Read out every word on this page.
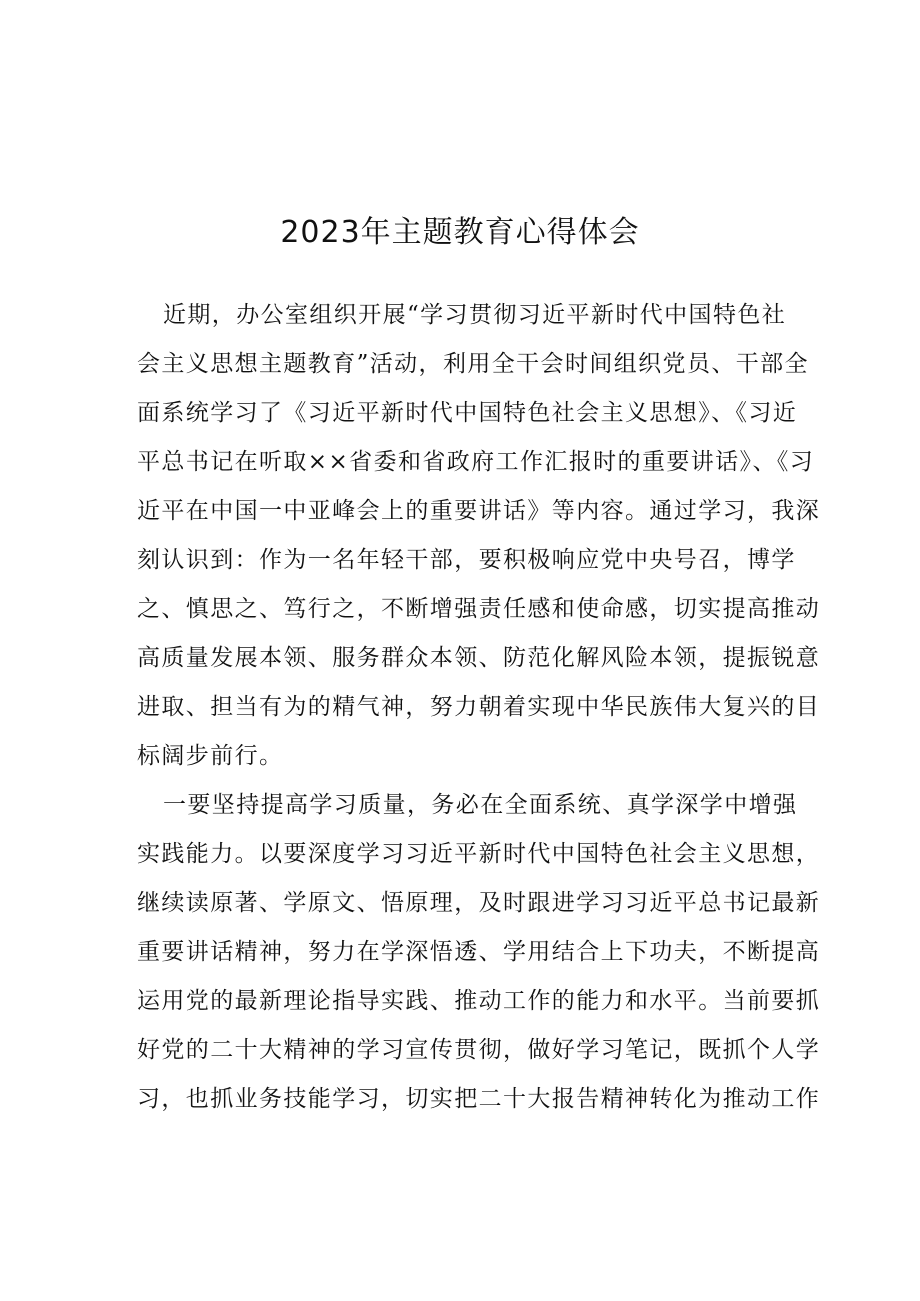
2023年主题教育心得体会
近期，办公室组织开展“学习贯彻习近平新时代中国特色社
会主义思想主题教育”活动，利用全干会时间组织党员、干部全
面系统学习了《习近平新时代中国特色社会主义思想》、《习近
平总书记在听取××省委和省政府工作汇报时的重要讲话》、《习
近平在中国一中亚峰会上的重要讲话》等内容。通过学习，我深
刻认识到：作为一名年轻干部，要积极响应党中央号召，博学
之、慎思之、笃行之，不断增强责任感和使命感，切实提高推动
高质量发展本领、服务群众本领、防范化解风险本领，提振锐意
进取、担当有为的精气神，努力朝着实现中华民族伟大复兴的目
标阔步前行。
一要坚持提高学习质量，务必在全面系统、真学深学中增强
实践能力。以要深度学习习近平新时代中国特色社会主义思想，
继续读原著、学原文、悟原理，及时跟进学习习近平总书记最新
重要讲话精神，努力在学深悟透、学用结合上下功夫，不断提高
运用党的最新理论指导实践、推动工作的能力和水平。当前要抓
好党的二十大精神的学习宣传贯彻，做好学习笔记，既抓个人学
习，也抓业务技能学习，切实把二十大报告精神转化为推动工作
